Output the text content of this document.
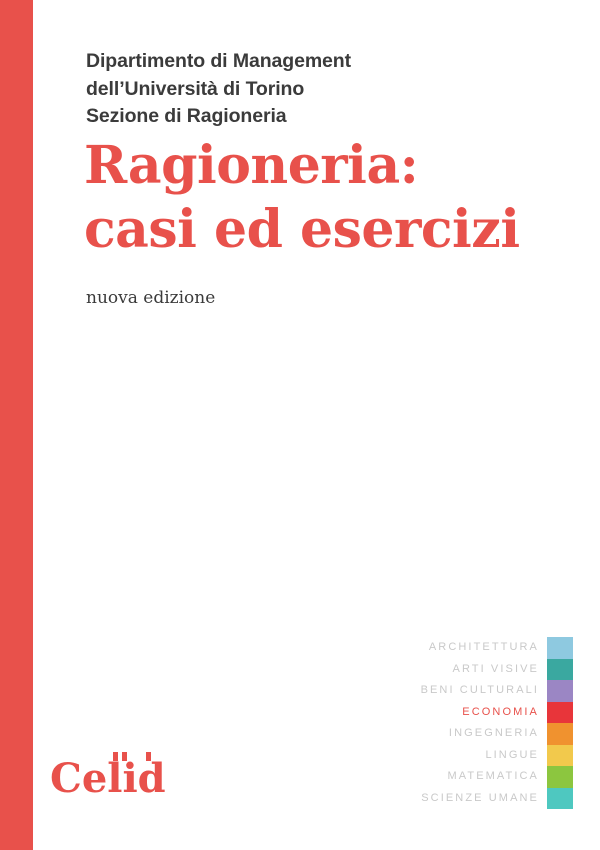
Dipartimento di Management
dell’Università di Torino
Sezione di Ragioneria
Ragioneria:
casi ed esercizi
nuova edizione
ARCHITETTURA
ARTI VISIVE
BENI CULTURALI
ECONOMIA
INGEGNERIA
LINGUE
MATEMATICA
SCIENZE UMANE
Celid
